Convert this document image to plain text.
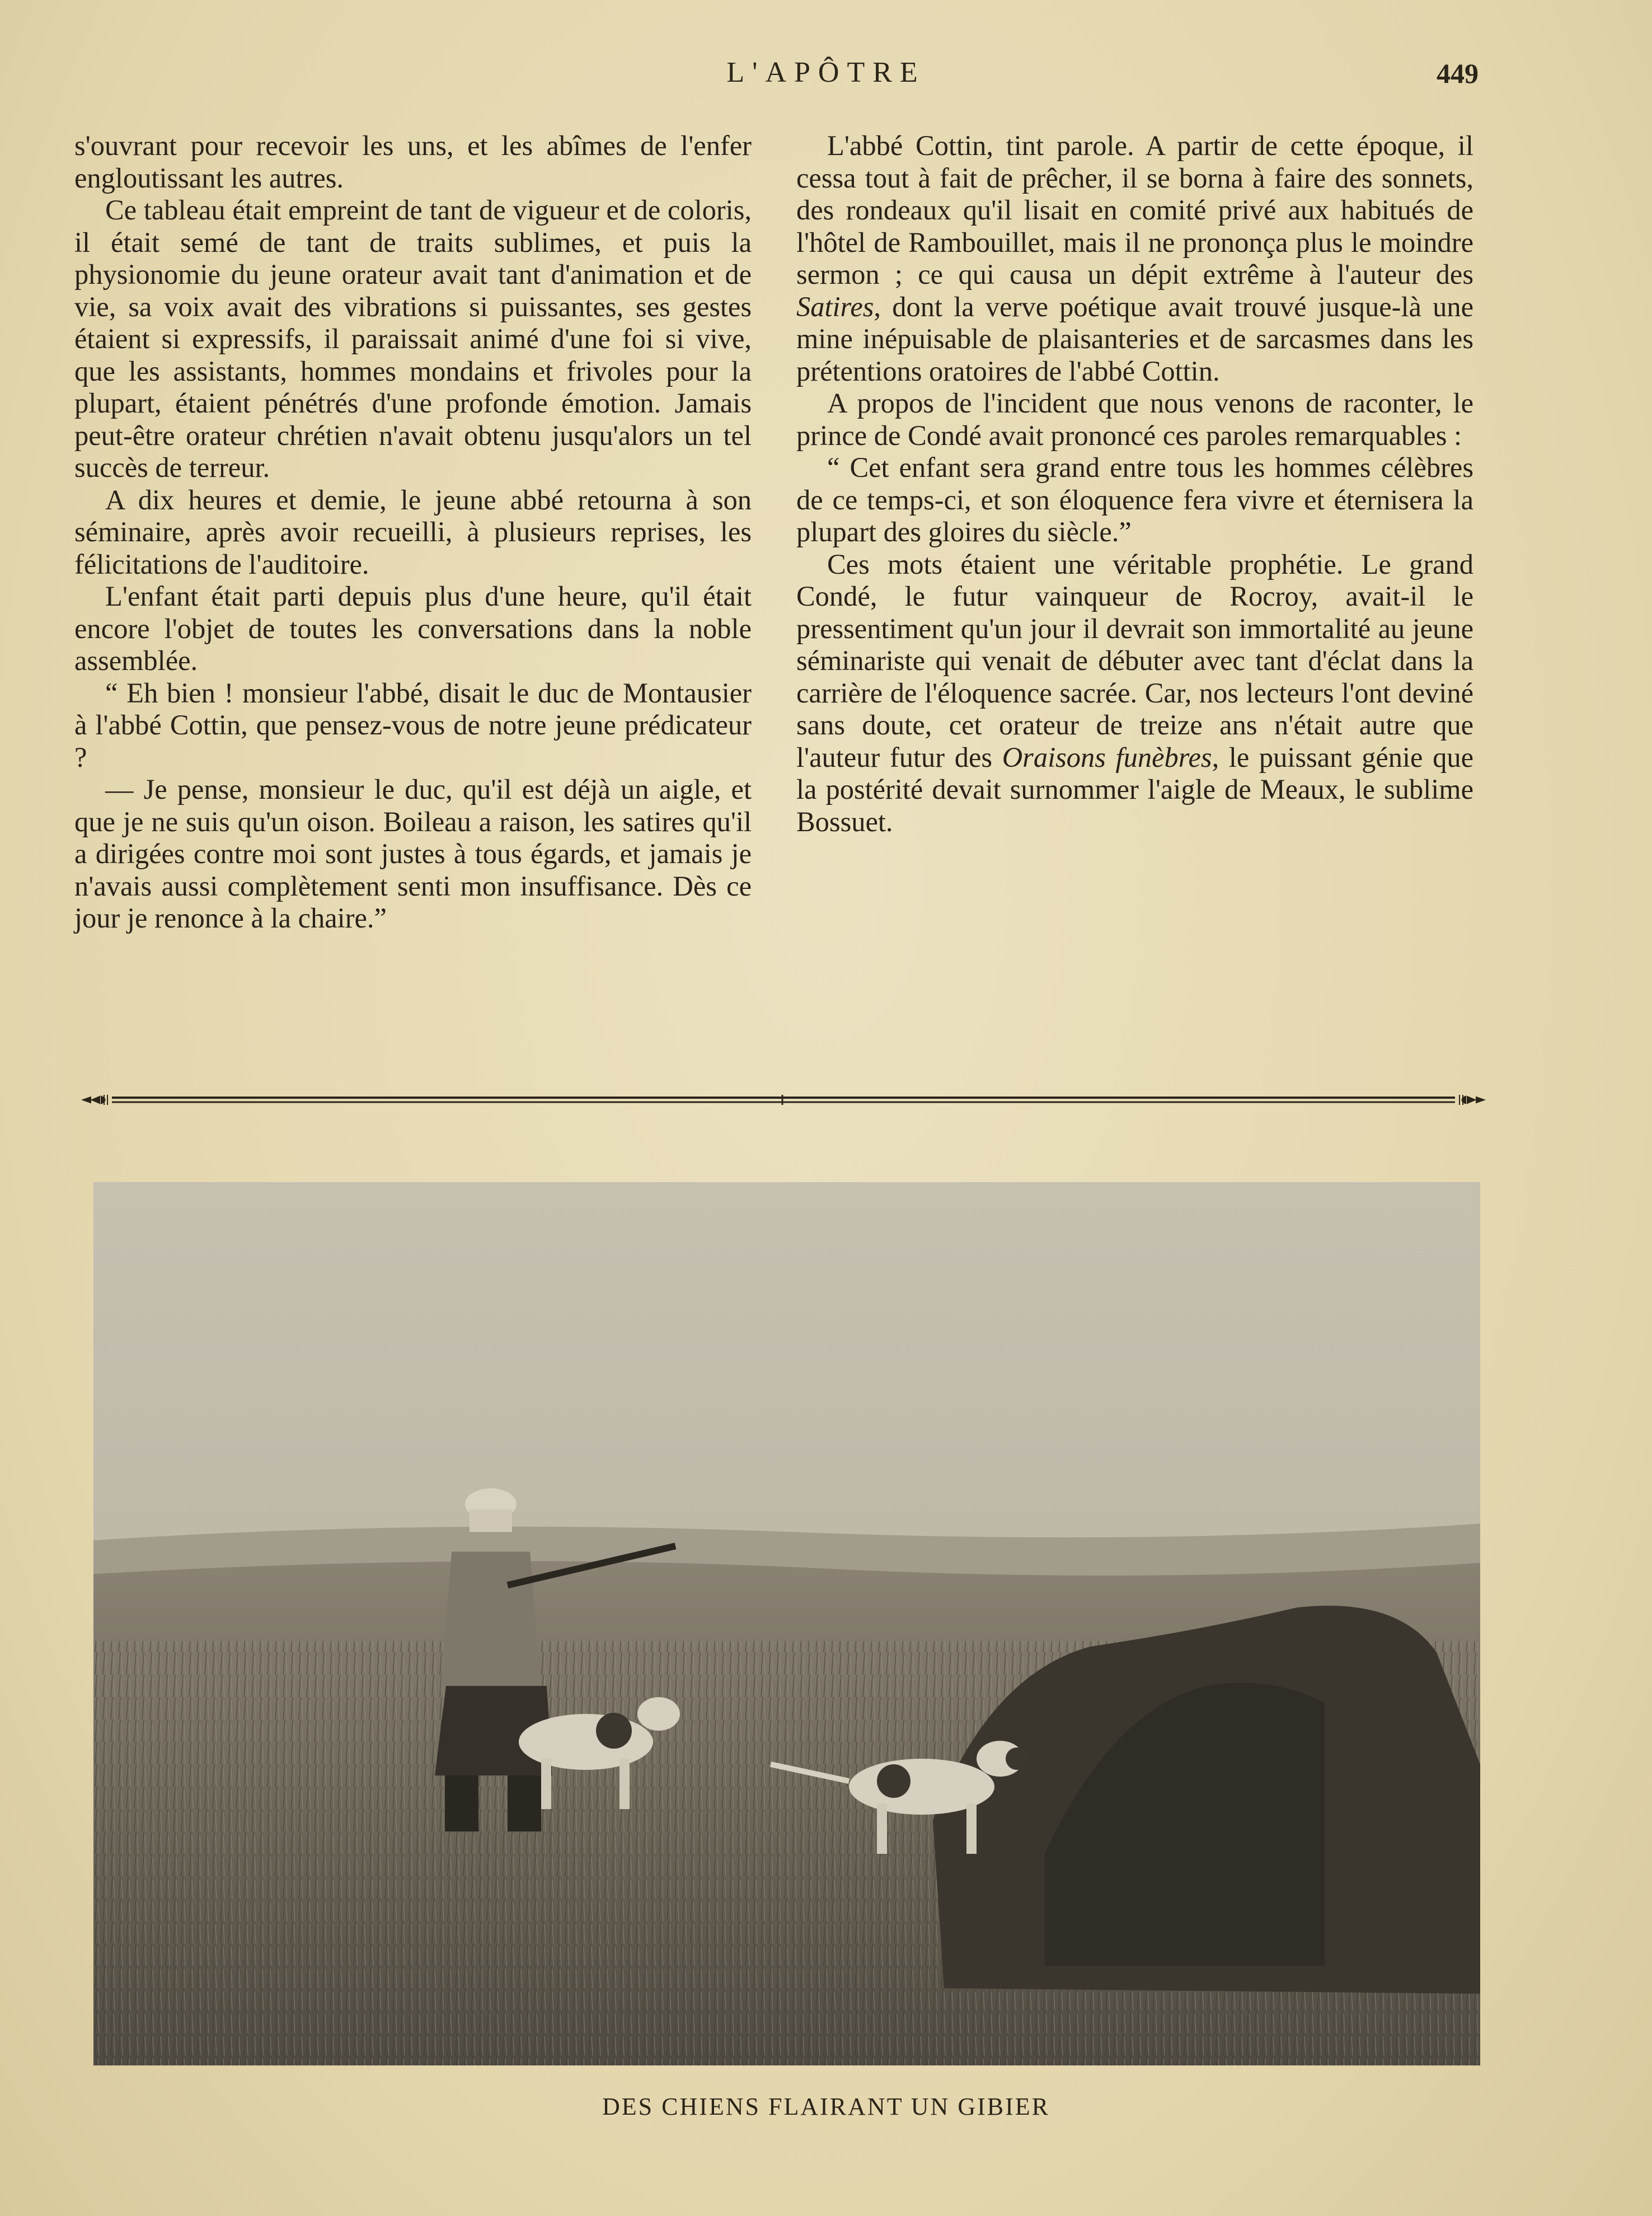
L'APÔTRE	449

s'ouvrant pour recevoir les uns, et les abîmes de l'enfer engloutissant les autres.

Ce tableau était empreint de tant de vigueur et de coloris, il était semé de tant de traits sublimes, et puis la physionomie du jeune orateur avait tant d'animation et de vie, sa voix avait des vibrations si puissantes, ses gestes étaient si expressifs, il paraissait animé d'une foi si vive, que les assistants, hommes mondains et frivoles pour la plupart, étaient pénétrés d'une profonde émotion. Jamais peut-être orateur chrétien n'avait obtenu jusqu'alors un tel succès de terreur.

A dix heures et demie, le jeune abbé retourna à son séminaire, après avoir recueilli, à plusieurs reprises, les félicitations de l'auditoire.

L'enfant était parti depuis plus d'une heure, qu'il était encore l'objet de toutes les conversations dans la noble assemblée.

“ Eh bien ! monsieur l'abbé, disait le duc de Montausier à l'abbé Cottin, que pensez-vous de notre jeune prédicateur ?

— Je pense, monsieur le duc, qu'il est déjà un aigle, et que je ne suis qu'un oison. Boileau a raison, les satires qu'il a dirigées contre moi sont justes à tous égards, et jamais je n'avais aussi complètement senti mon insuffisance. Dès ce jour je renonce à la chaire.”

L'abbé Cottin, tint parole. A partir de cette époque, il cessa tout à fait de prêcher, il se borna à faire des sonnets, des rondeaux qu'il lisait en comité privé aux habitués de l'hôtel de Rambouillet, mais il ne prononça plus le moindre sermon ; ce qui causa un dépit extrême à l'auteur des Satires, dont la verve poétique avait trouvé jusque-là une mine inépuisable de plaisanteries et de sarcasmes dans les prétentions oratoires de l'abbé Cottin.

A propos de l'incident que nous venons de raconter, le prince de Condé avait prononcé ces paroles remarquables :

“ Cet enfant sera grand entre tous les hommes célèbres de ce temps-ci, et son éloquence fera vivre et éternisera la plupart des gloires du siècle.”

Ces mots étaient une véritable prophétie. Le grand Condé, le futur vainqueur de Rocroy, avait-il le pressentiment qu'un jour il devrait son immortalité au jeune séminariste qui venait de débuter avec tant d'éclat dans la carrière de l'éloquence sacrée. Car, nos lecteurs l'ont deviné sans doute, cet orateur de treize ans n'était autre que l'auteur futur des Oraisons funèbres, le puissant génie que la postérité devait surnommer l'aigle de Meaux, le sublime Bossuet.

DES CHIENS FLAIRANT UN GIBIER
